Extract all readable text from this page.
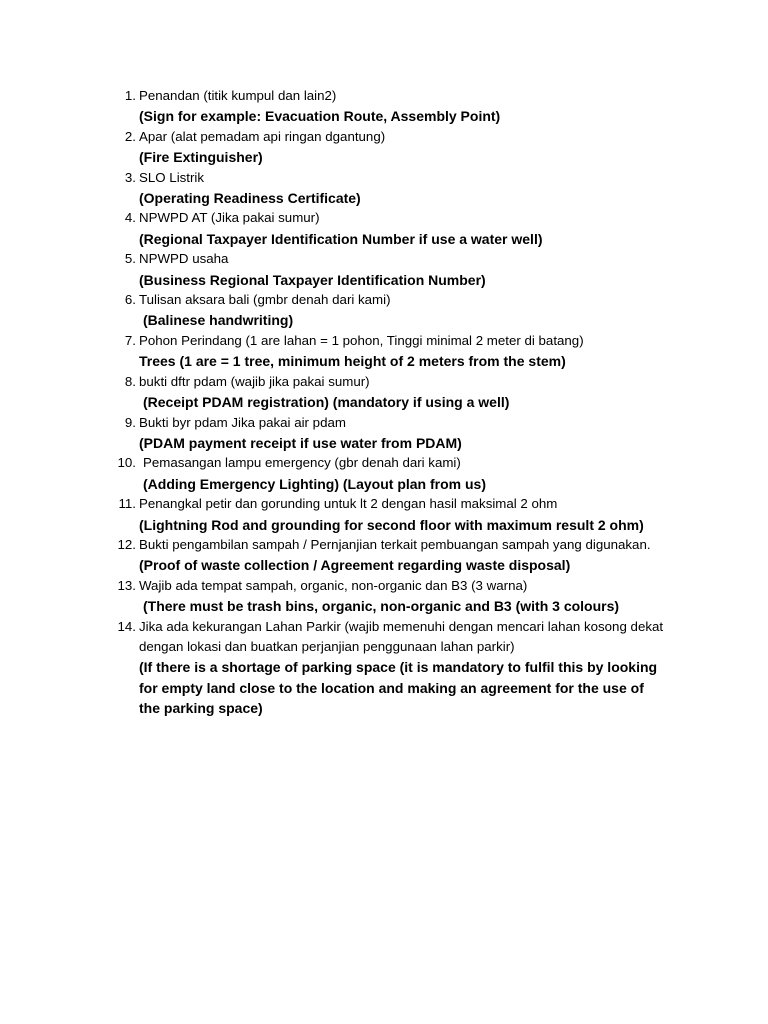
1. Penandan (titik kumpul dan lain2)
(Sign for example: Evacuation Route, Assembly Point)
2. Apar (alat pemadam api ringan dgantung)
(Fire Extinguisher)
3. SLO Listrik
(Operating Readiness Certificate)
4. NPWPD AT (Jika pakai sumur)
(Regional Taxpayer Identification Number if use a water well)
5. NPWPD usaha
(Business Regional Taxpayer Identification Number)
6. Tulisan aksara bali (gmbr denah dari kami)
(Balinese handwriting)
7. Pohon Perindang (1 are lahan = 1 pohon, Tinggi minimal 2 meter di batang)
Trees (1 are = 1 tree, minimum height of 2 meters from the stem)
8. bukti dftr pdam (wajib jika pakai sumur)
(Receipt PDAM registration) (mandatory if using a well)
9. Bukti byr pdam Jika pakai air pdam
(PDAM payment receipt if use water from PDAM)
10. Pemasangan lampu emergency (gbr denah dari kami)
(Adding Emergency Lighting) (Layout plan from us)
11. Penangkal petir dan gorunding untuk lt 2 dengan hasil maksimal 2 ohm
(Lightning Rod and grounding for second floor with maximum result 2 ohm)
12. Bukti pengambilan sampah / Pernjanjian terkait pembuangan sampah yang digunakan.
(Proof of waste collection / Agreement regarding waste disposal)
13. Wajib ada tempat sampah, organic, non-organic dan B3 (3 warna)
(There must be trash bins, organic, non-organic and B3 (with 3 colours)
14. Jika ada kekurangan Lahan Parkir (wajib memenuhi dengan mencari lahan kosong dekat dengan lokasi dan buatkan perjanjian penggunaan lahan parkir)
(If there is a shortage of parking space (it is mandatory to fulfil this by looking for empty land close to the location and making an agreement for the use of the parking space)
